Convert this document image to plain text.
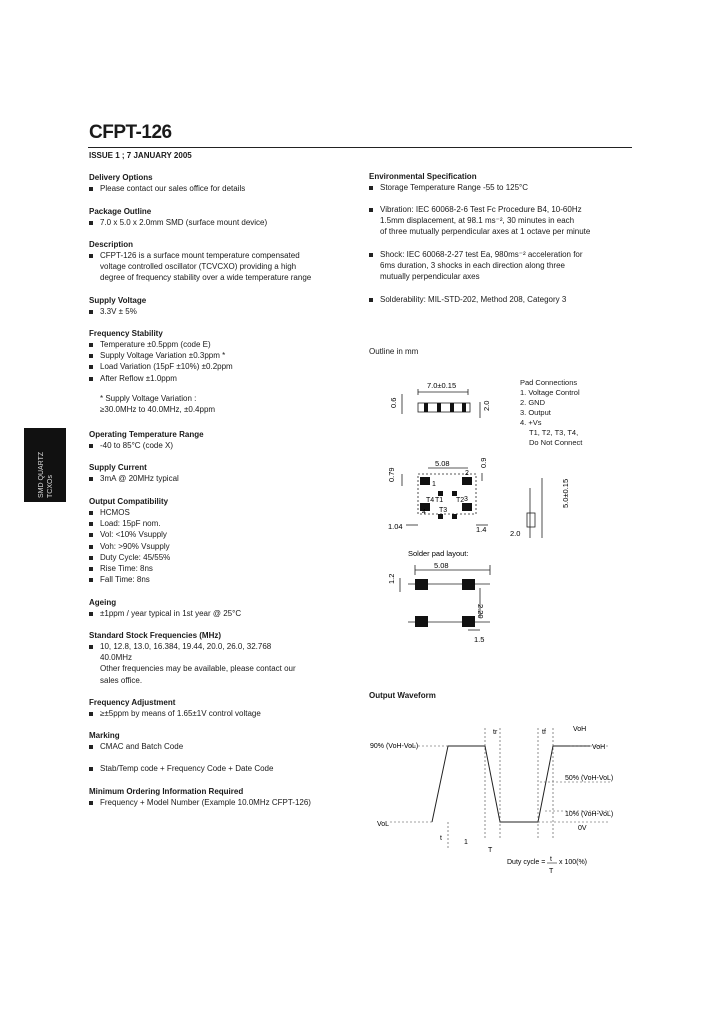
CFPT-126
ISSUE 1 ; 7 JANUARY 2005
SMD QUARTZ TCXOs
Delivery Options
Please contact our sales office for details
Package Outline
7.0 x 5.0 x 2.0mm SMD (surface mount device)
Description
CFPT-126 is a surface mount temperature compensated
voltage controlled oscillator (TCVCXO) providing a high
degree of frequency stability over a wide temperature range
Supply Voltage
3.3V ± 5%
Frequency Stability
Temperature ±0.5ppm (code E)
Supply Voltage Variation ±0.3ppm *
Load Variation (15pF ±10%) ±0.2ppm
After Reflow ±1.0ppm
* Supply Voltage Variation :
≥30.0MHz to 40.0MHz, ±0.4ppm
Operating Temperature Range
-40 to 85°C (code X)
Supply Current
3mA @ 20MHz typical
Output Compatibility
HCMOS
Load: 15pF nom.
Vol: <10% Vsupply
Voh: >90% Vsupply
Duty Cycle: 45/55%
Rise Time: 8ns
Fall Time: 8ns
Ageing
±1ppm / year typical in 1st year @ 25°C
Standard Stock Frequencies (MHz)
10, 12.8, 13.0, 16.384, 19.44, 20.0, 26.0, 32.768
40.0MHz
Other frequencies may be available, please contact our
sales office.
Frequency Adjustment
≥±5ppm by means of 1.65±1V control voltage
Marking
CMAC and Batch Code
Stab/Temp code + Frequency Code + Date Code
Minimum Ordering Information Required
Frequency + Model Number (Example 10.0MHz CFPT-126)
Environmental Specification
Storage Temperature Range -55 to 125°C
Vibration: IEC 60068-2-6 Test Fc Procedure B4, 10-60Hz
1.5mm displacement, at 98.1 ms⁻², 30 minutes in each
of three mutually perpendicular axes at 1 octave per minute
Shock: IEC 60068-2-27 test Ea, 980ms⁻² acceleration for
6ms duration, 3 shocks in each direction along three
mutually perpendicular axes
Solderability: MIL-STD-202, Method 208, Category 3
Outline in mm
Pad Connections
1. Voltage Control
2. GND
3. Output
4. +Vs
T1, T2, T3, T4,
Do Not Connect
7.0±0.15
0.6	2.0
5.08	0.9
0.79
5.0±0.15
1.04	1.4	2.0
1
2
3
4
T1 T2
T3
T4
Solder pad layout:
5.08
1.2
2.20
1.5
Output Waveform
tr	tf	VoH
90% (VoH-VoL)	VoH
50% (VoH-VoL)
10% (VoH-VoL)
VoL
0V
t
1
T
Duty cycle = t
T
x 100(%)
